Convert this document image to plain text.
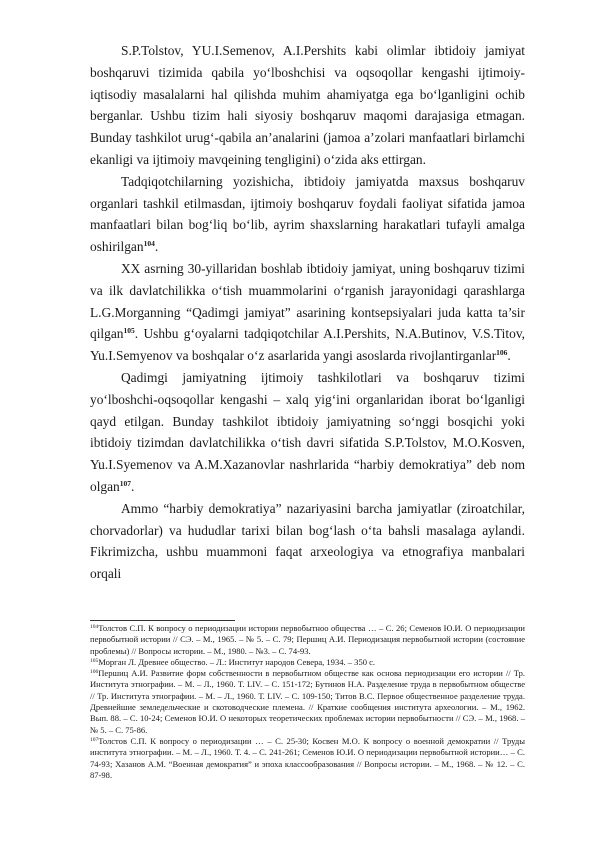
S.P.Tolstov, YU.I.Semenov, A.I.Pershits kabi olimlar ibtidoiy jamiyat boshqaruvi tizimida qabila yo‘lboshchisi va oqsoqollar kengashi ijtimoiy-iqtisodiy masalalarni hal qilishda muhim ahamiyatga ega bo‘lganligini ochib berganlar. Ushbu tizim hali siyosiy boshqaruv maqomi darajasiga etmagan. Bunday tashkilot urug‘-qabila an’analarini (jamoa a’zolari manfaatlari birlamchi ekanligi va ijtimoiy mavqeining tengligini) o‘zida aks ettirgan.

Tadqiqotchilarning yozishicha, ibtidoiy jamiyatda maxsus boshqaruv organlari tashkil etilmasdan, ijtimoiy boshqaruv foydali faoliyat sifatida jamoa manfaatlari bilan bog‘liq bo‘lib, ayrim shaxslarning harakatlari tufayli amalga oshirilgan$^{104}$.

XX asrning 30-yillaridan boshlab ibtidoiy jamiyat, uning boshqaruv tizimi va ilk davlatchilikka o‘tish muammolarini o‘rganish jarayonidagi qarashlarga L.G.Morganning “Qadimgi jamiyat” asarining kontsepsiyalari juda katta ta’sir qilgan$^{105}$. Ushbu g‘oyalarni tadqiqotchilar A.I.Pershits, N.A.Butinov, V.S.Titov, Yu.I.Semyenov va boshqalar o‘z asarlarida yangi asoslarda rivojlantirganlar$^{106}$.

Qadimgi jamiyatning ijtimoiy tashkilotlari va boshqaruv tizimi yo‘lboshchi-oqsoqollar kengashi – xalq yig‘ini organlaridan iborat bo‘lganligi qayd etilgan. Bunday tashkilot ibtidoiy jamiyatning so‘nggi bosqichi yoki ibtidoiy tizimdan davlatchilikka o‘tish davri sifatida S.P.Tolstov, M.O.Kosven, Yu.I.Syemenov va A.M.Xazanovlar nashrlarida “harbiy demokratiya” deb nom olgan$^{107}$.

Ammo “harbiy demokratiya” nazariyasini barcha jamiyatlar (ziroatchilar, chorvadorlar) va hududlar tarixi bilan bog‘lash o‘ta bahsli masalaga aylandi. Fikrimizcha, ushbu muammoni faqat arxeologiya va etnografiya manbalari orqali

$^{104}$Толстов С.П. К вопросу о периодизации истории первобытноо общества … – С. 26; Семенов Ю.И. О периодизации первобытной истории // СЭ. – М., 1965. – № 5. – С. 79; Першиц А.И. Периодизация первобытной истории (состояние проблемы) // Вопросы истории. – М., 1980. – №3. – С. 74-93.

$^{105}$Морган Л. Древнее общество. – Л.: Институт народов Севера, 1934. – 350 с.

$^{106}$Першиц А.И. Развитие форм собственности в первобытном обществе как основа периодизации его истории // Тр. Института этнографии. – М. – Л., 1960. Т. LIV. – С. 151-172; Бутинов Н.А. Разделение труда в первобытном обществе // Тр. Института этнографии. – М. – Л., 1960. Т. LIV. – С. 109-150; Титов В.С. Первое общественное разделение труда. Древнейшие земледельческие и скотоводческие племена. // Краткие сообщения института археологии. – М., 1962. Вып. 88. – С. 10-24; Семенов Ю.И. О некоторых теоретических проблемах истории первобытности // СЭ. – М., 1968. – № 5. – С. 75-86.

$^{107}$Толстов С.П. К вопросу о периодизации … – С. 25-30; Косвен М.О. К вопросу о военной демократии // Труды института этнографии. – М. – Л., 1960. Т. 4. – С. 241-261; Семенов Ю.И. О периодизации первобытной истории… – С. 74-93; Хазанов А.М. “Военная демократия” и эпоха классообразования // Вопросы истории. – М., 1968. – № 12. – С. 87-98.
